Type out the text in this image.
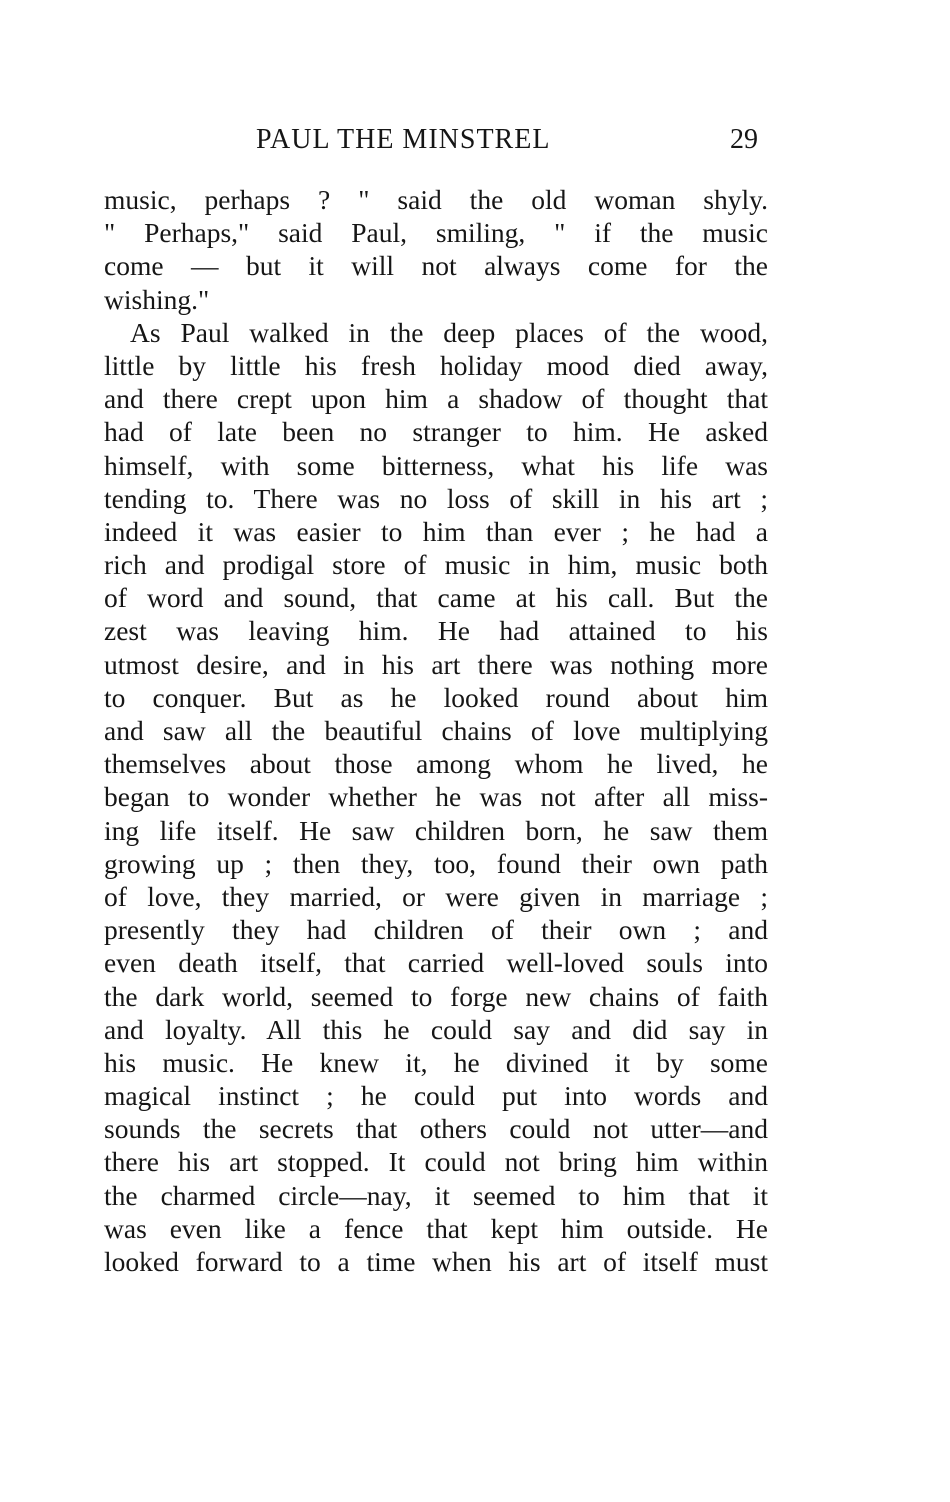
PAUL THE MINSTREL	29
music, perhaps ? " said the old woman shyly.
" Perhaps," said Paul, smiling, " if the music
come — but it will not always come for the
wishing."
As Paul walked in the deep places of the wood,
little by little his fresh holiday mood died away,
and there crept upon him a shadow of thought that
had of late been no stranger to him. He asked
himself, with some bitterness, what his life was
tending to. There was no loss of skill in his art ;
indeed it was easier to him than ever ; he had a
rich and prodigal store of music in him, music both
of word and sound, that came at his call. But the
zest was leaving him. He had attained to his
utmost desire, and in his art there was nothing more
to conquer. But as he looked round about him
and saw all the beautiful chains of love multiplying
themselves about those among whom he lived, he
began to wonder whether he was not after all miss-
ing life itself. He saw children born, he saw them
growing up ; then they, too, found their own path
of love, they married, or were given in marriage ;
presently they had children of their own ; and
even death itself, that carried well-loved souls into
the dark world, seemed to forge new chains of faith
and loyalty. All this he could say and did say in
his music. He knew it, he divined it by some
magical instinct ; he could put into words and
sounds the secrets that others could not utter—and
there his art stopped. It could not bring him within
the charmed circle—nay, it seemed to him that it
was even like a fence that kept him outside. He
looked forward to a time when his art of itself must
